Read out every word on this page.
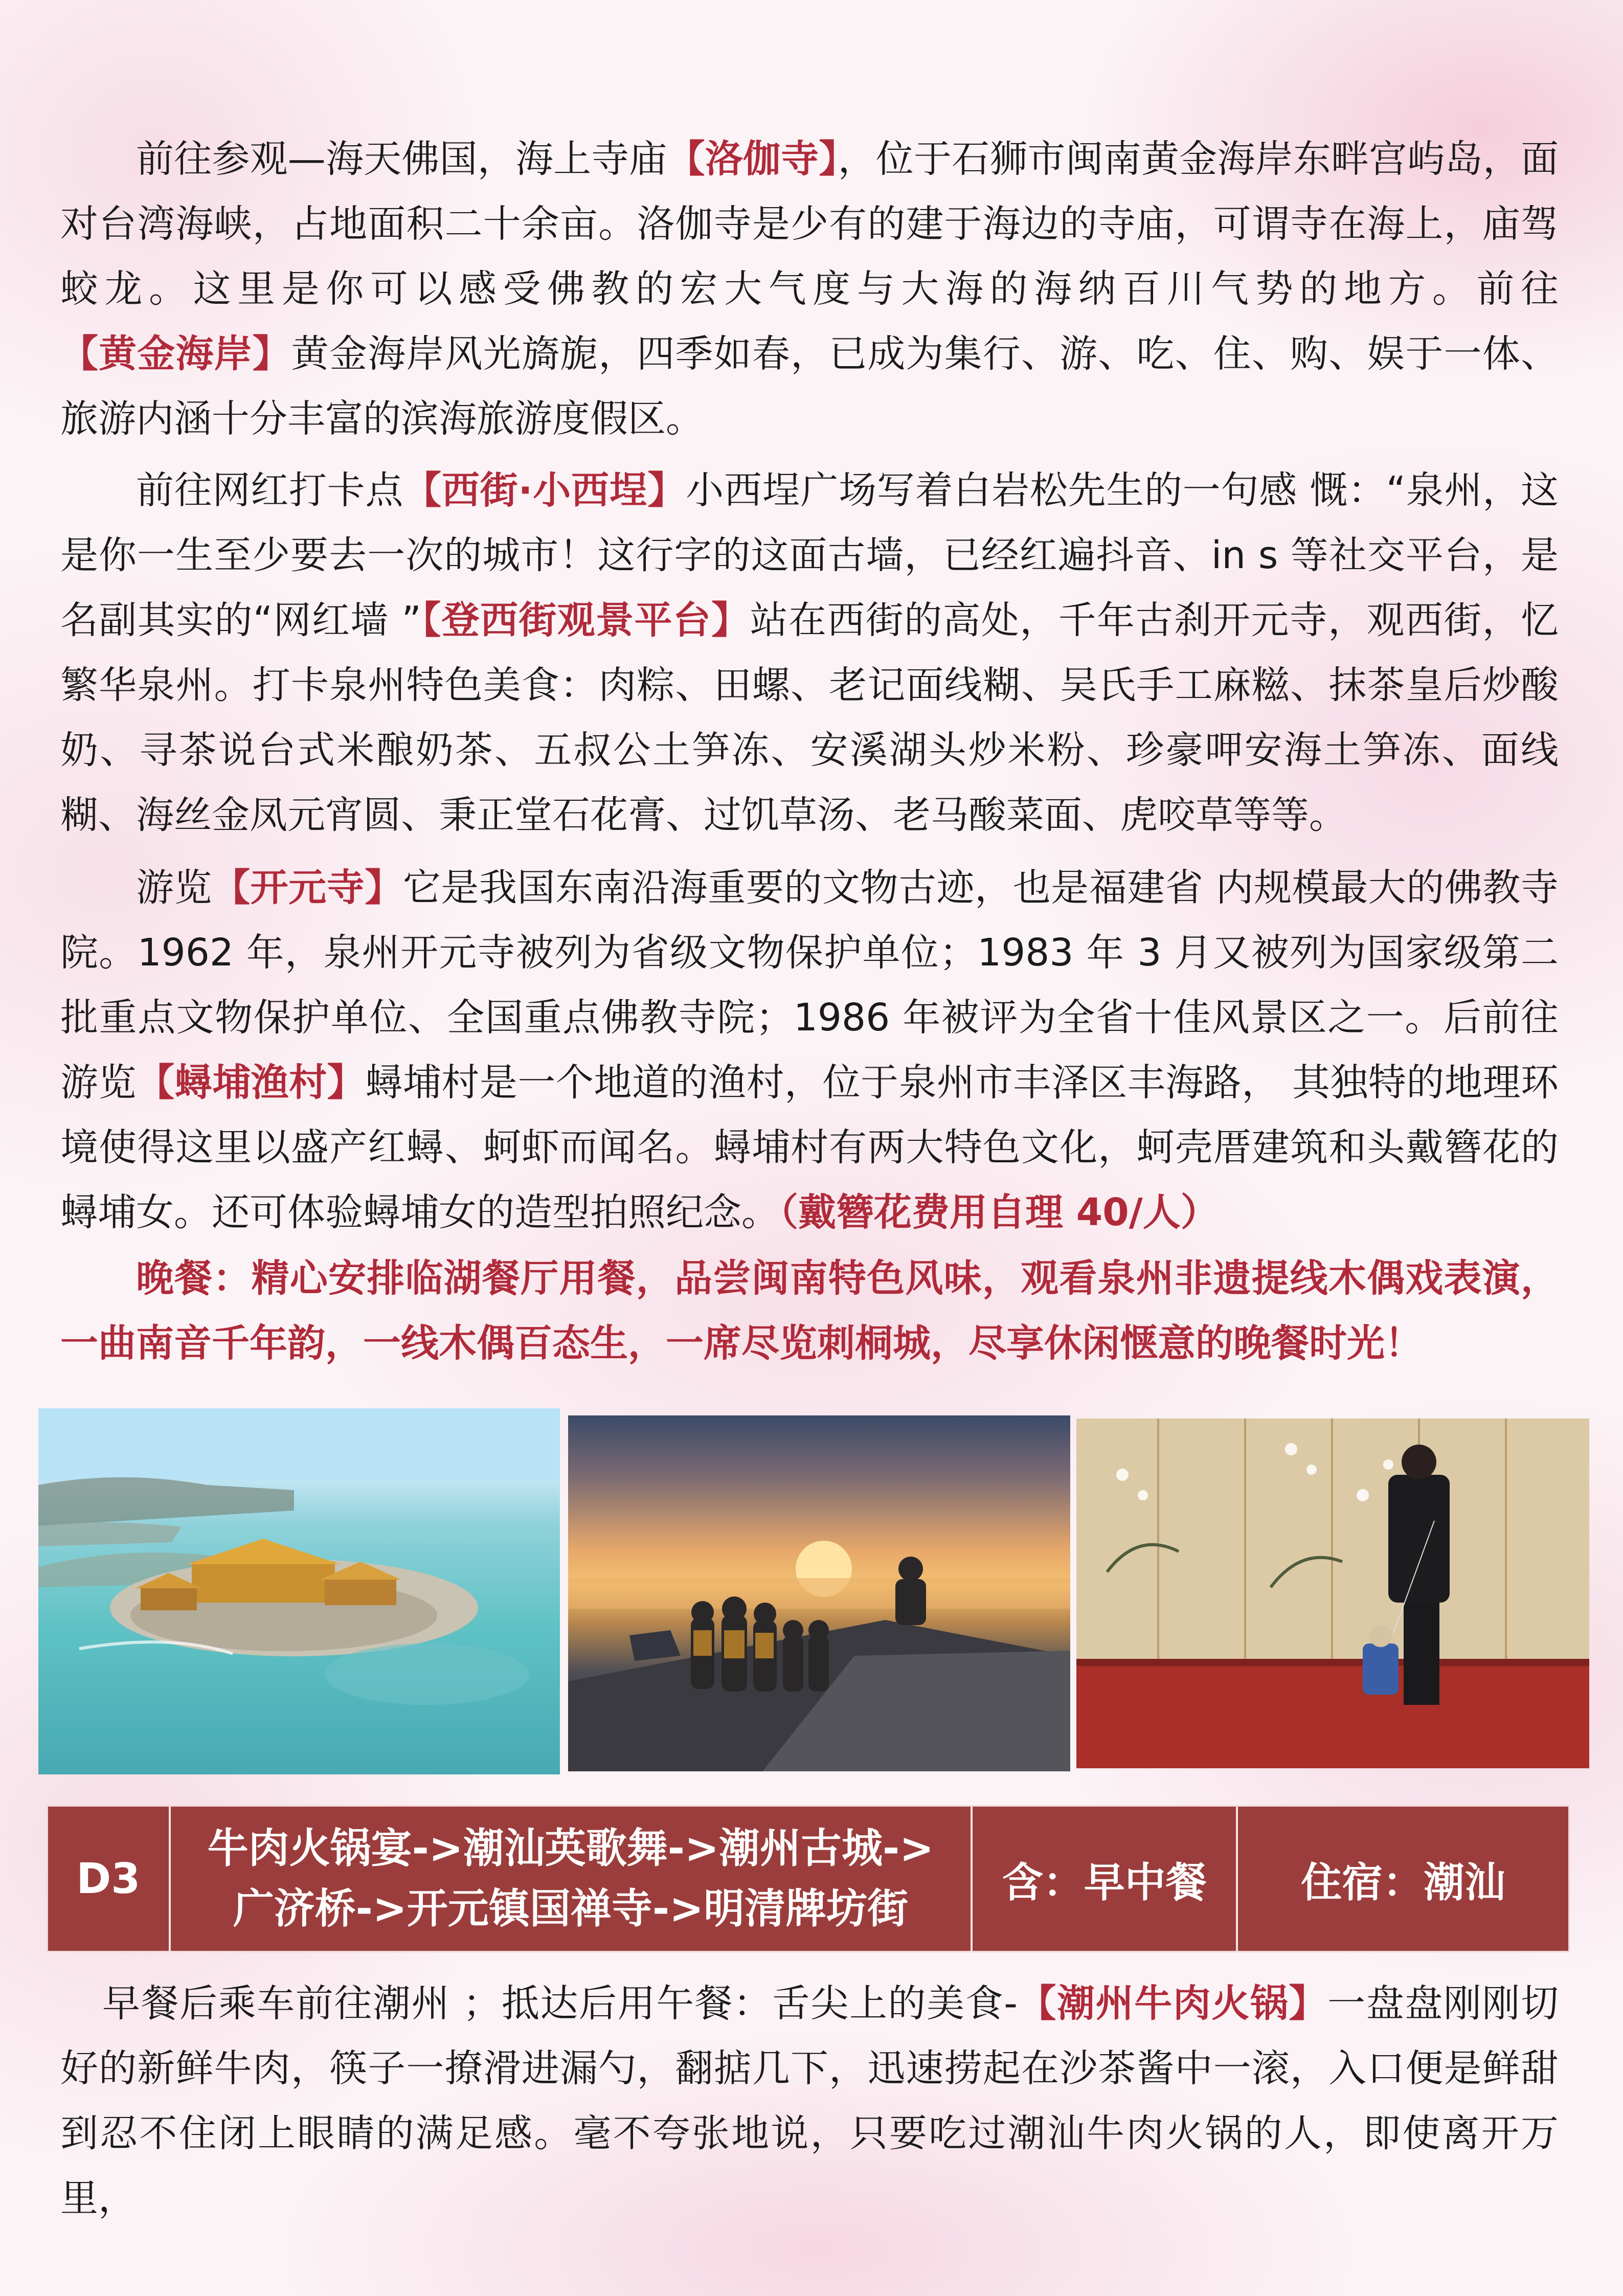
前往参观—海天佛国，海上寺庙【洛伽寺】，位于石狮市闽南黄金海岸东畔宫屿岛，面对台湾海峡，占地面积二十余亩。洛伽寺是少有的建于海边的寺庙，可谓寺在海上，庙驾蛟龙。这里是你可以感受佛教的宏大气度与大海的海纳百川气势的地方。前往【黄金海岸】黄金海岸风光旖旎，四季如春，已成为集行、游、吃、住、购、娱于一体、旅游内涵十分丰富的滨海旅游度假区。

前往网红打卡点【西街·小西埕】小西埕广场写着白岩松先生的一句感 慨：“泉州，这是你一生至少要去一次的城市！这行字的这面古墙，已经红遍抖音、in s 等社交平台，是名副其实的“网红墙 ”【登西街观景平台】站在西街的高处，千年古刹开元寺，观西街，忆繁华泉州。打卡泉州特色美食：肉粽、田螺、老记面线糊、吴氏手工麻糍、抹茶皇后炒酸奶、寻茶说台式米酿奶茶、五叔公土笋冻、安溪湖头炒米粉、珍豪呷安海土笋冻、面线糊、海丝金凤元宵圆、秉正堂石花膏、过饥草汤、老马酸菜面、虎咬草等等。

游览【开元寺】它是我国东南沿海重要的文物古迹，也是福建省 内规模最大的佛教寺院。1962 年，泉州开元寺被列为省级文物保护单位；1983 年 3 月又被列为国家级第二批重点文物保护单位、全国重点佛教寺院；1986 年被评为全省十佳风景区之一。后前往游览【蟳埔渔村】蟳埔村是一个地道的渔村，位于泉州市丰泽区丰海路， 其独特的地理环境使得这里以盛产红蟳、蚵虾而闻名。蟳埔村有两大特色文化，蚵壳厝建筑和头戴簪花的蟳埔女。还可体验蟳埔女的造型拍照纪念。（戴簪花费用自理 40/人）

晚餐：精心安排临湖餐厅用餐，品尝闽南特色风味，观看泉州非遗提线木偶戏表演，一曲南音千年韵，一线木偶百态生，一席尽览刺桐城，尽享休闲惬意的晚餐时光！

D3
牛肉火锅宴->潮汕英歌舞->潮州古城->
广济桥->开元镇国禅寺->明清牌坊街
含：早中餐	住宿：潮汕

早餐后乘车前往潮州 ；抵达后用午餐：舌尖上的美食-【潮州牛肉火锅】一盘盘刚刚切好的新鲜牛肉，筷子一撩滑进漏勺，翻掂几下，迅速捞起在沙茶酱中一滚，入口便是鲜甜到忍不住闭上眼睛的满足感。毫不夸张地说，只要吃过潮汕牛肉火锅的人，即使离开万里，
